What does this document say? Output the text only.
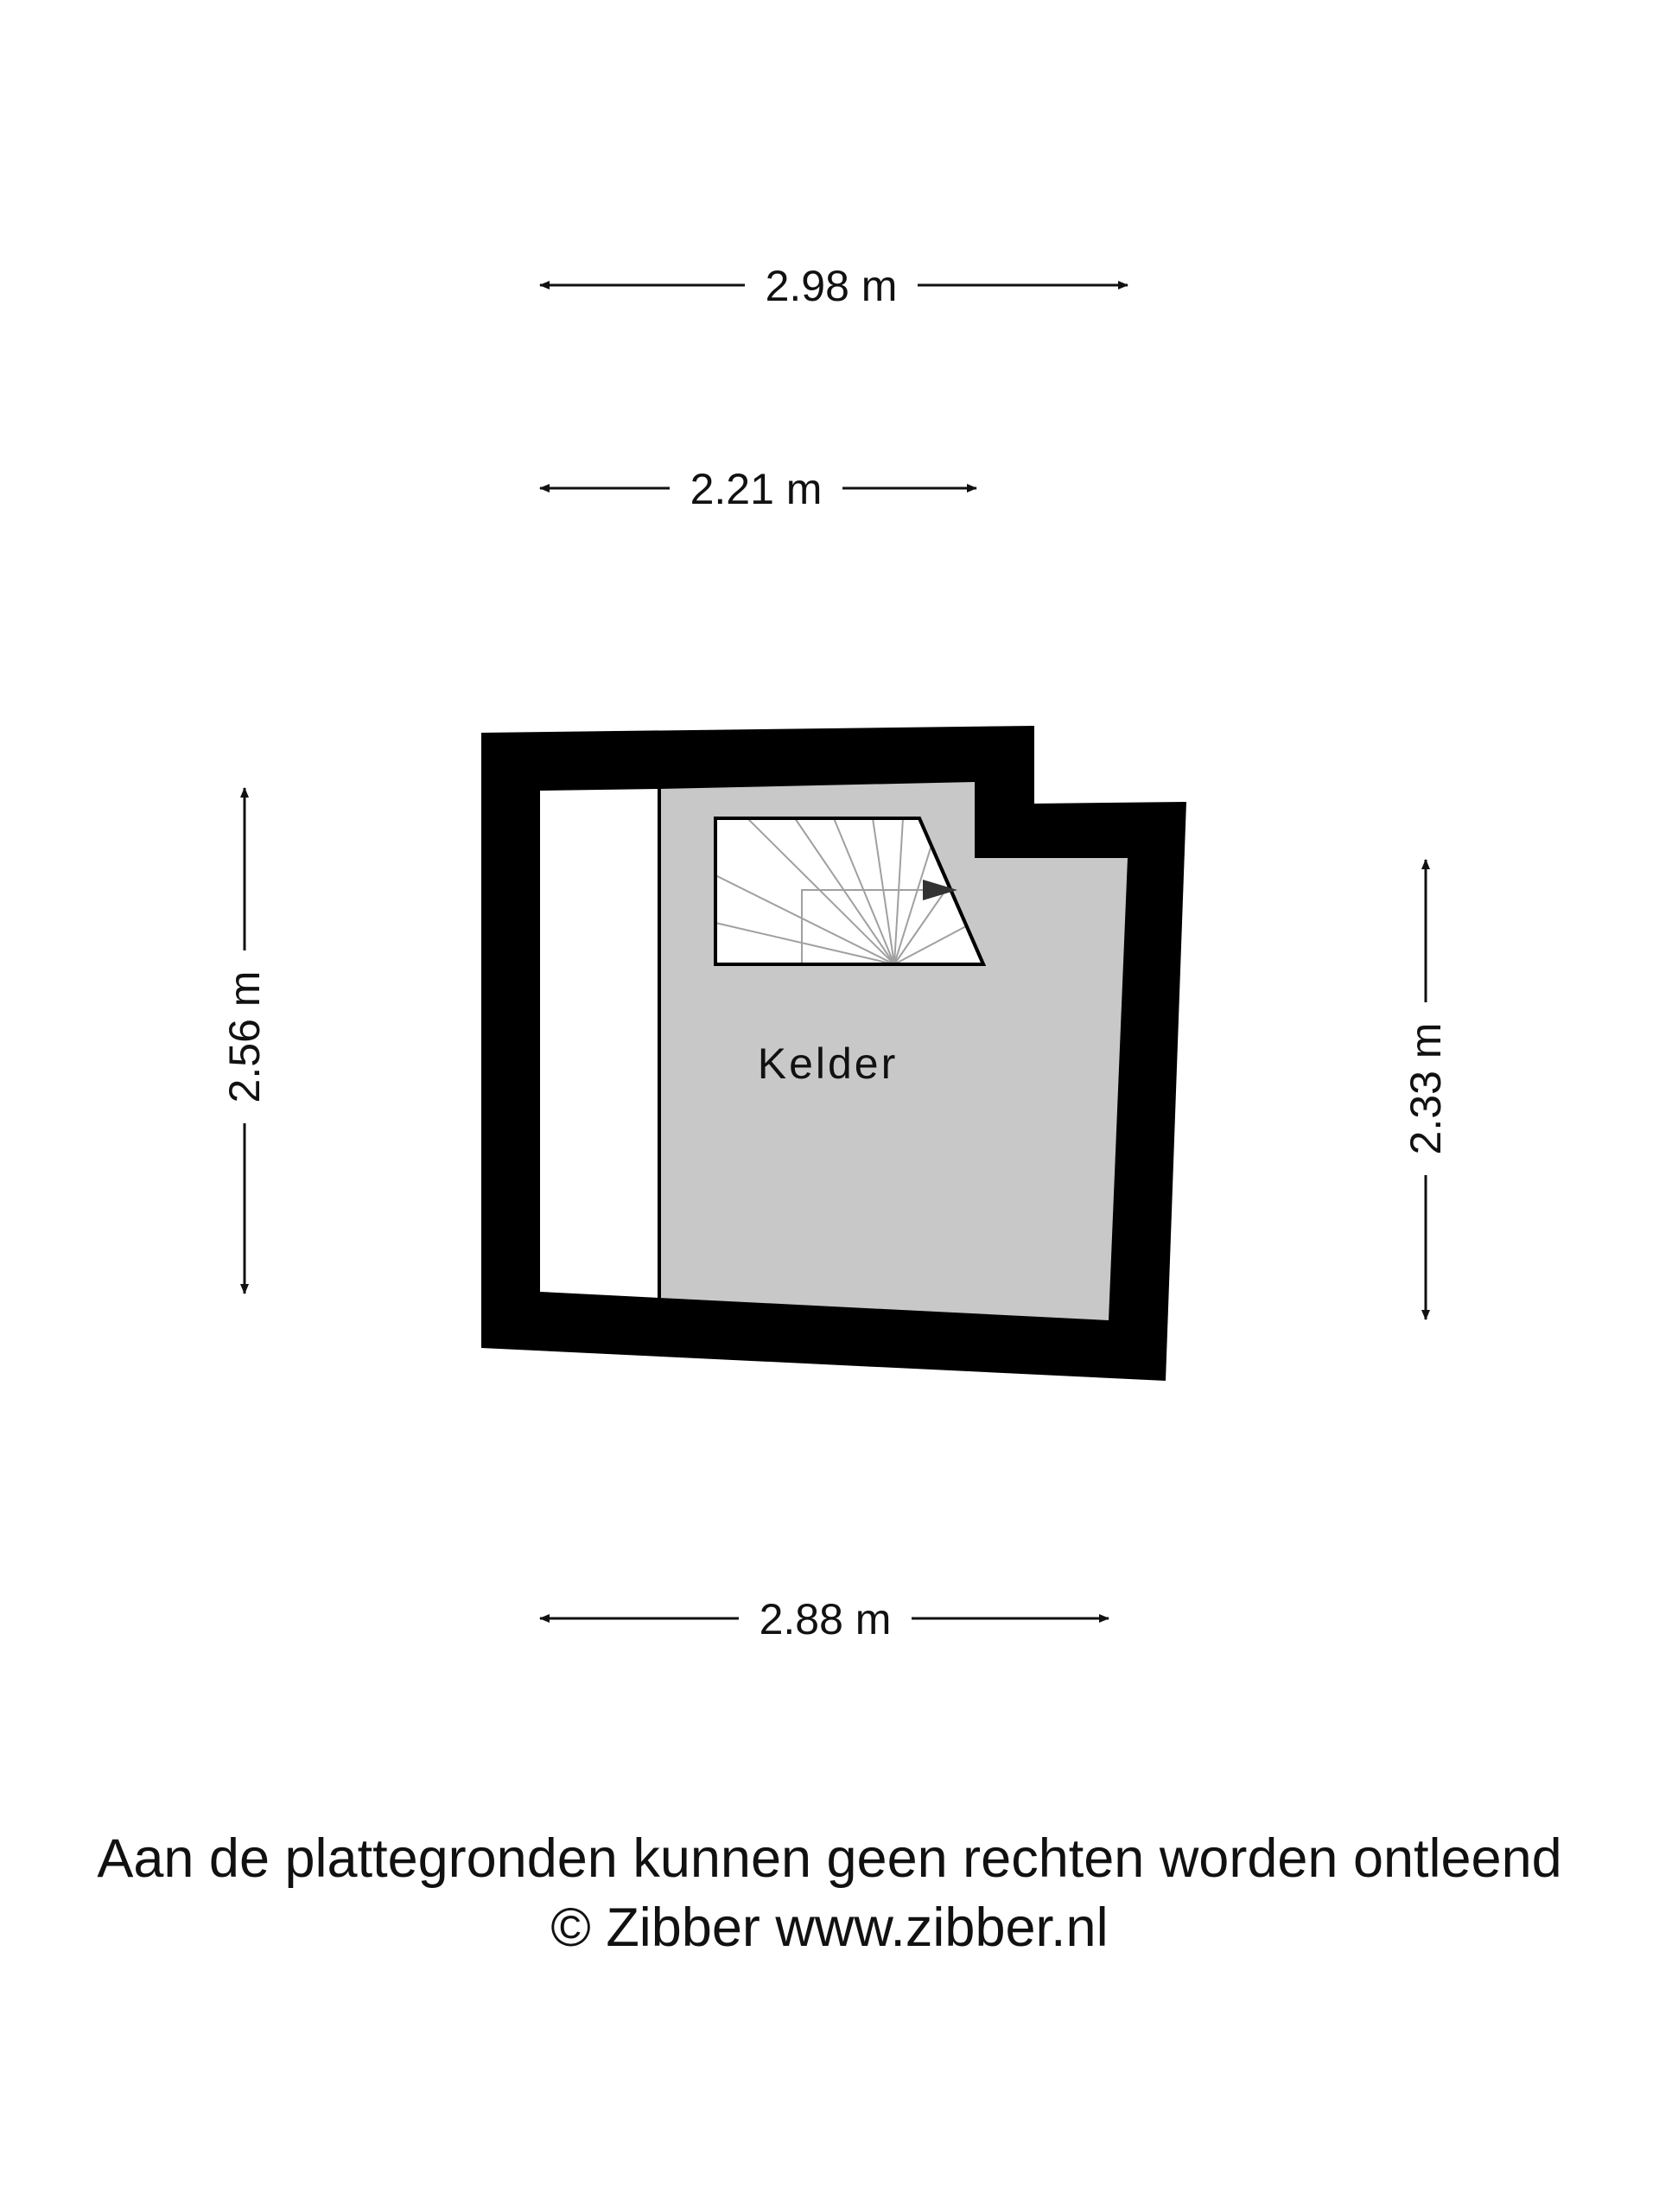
Kelder
2.98 m
2.21 m
2.88 m
2.56 m	2.33 m
Aan de plattegronden kunnen geen rechten worden ontleend
© Zibber www.zibber.nl
